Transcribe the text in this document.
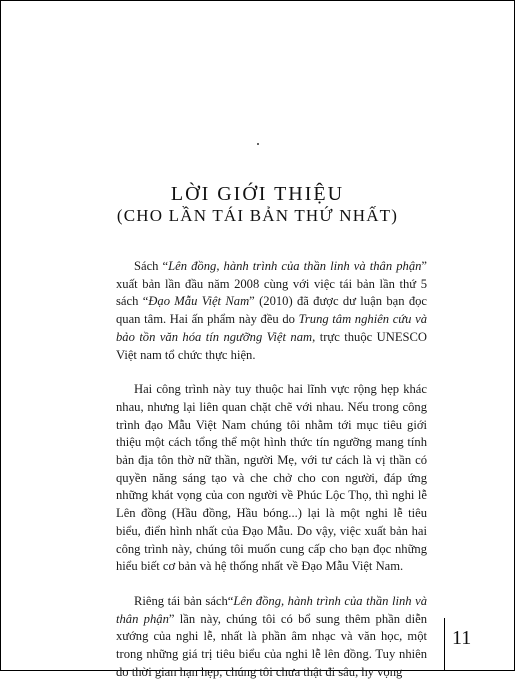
LỜI GIỚI THIỆU
(CHO LẦN TÁI BẢN THỨ NHẤT)

Sách “Lên đồng, hành trình của thần linh và thân phận” xuất bản lần đầu năm 2008 cùng với việc tái bản lần thứ 5 sách “Đạo Mẫu Việt Nam” (2010) đã được dư luận bạn đọc quan tâm. Hai ấn phẩm này đều do Trung tâm nghiên cứu và bảo tồn văn hóa tín ngưỡng Việt nam, trực thuộc UNESCO Việt nam tổ chức thực hiện.

Hai công trình này tuy thuộc hai lĩnh vực rộng hẹp khác nhau, nhưng lại liên quan chặt chẽ với nhau. Nếu trong công trình đạo Mẫu Việt Nam chúng tôi nhằm tới mục tiêu giới thiệu một cách tổng thể một hình thức tín ngưỡng mang tính bản địa tôn thờ nữ thần, người Mẹ, với tư cách là vị thần có quyền năng sáng tạo và che chở cho con người, đáp ứng những khát vọng của con người về Phúc Lộc Thọ, thì nghi lễ Lên đồng (Hầu đồng, Hầu bóng...) lại là một nghi lễ tiêu biểu, điển hình nhất của Đạo Mẫu. Do vậy, việc xuất bản hai công trình này, chúng tôi muốn cung cấp cho bạn đọc những hiểu biết cơ bản và hệ thống nhất về Đạo Mẫu Việt Nam.

Riêng tái bản sách“Lên đồng, hành trình của thần linh và thân phận” lần này, chúng tôi có bổ sung thêm phần diễn xướng của nghi lễ, nhất là phần âm nhạc và văn học, một trong những giá trị tiêu biểu của nghi lễ lên đồng. Tuy nhiên do thời gian hạn hẹp, chúng tôi chưa thật đi sâu, hy vọng

11
